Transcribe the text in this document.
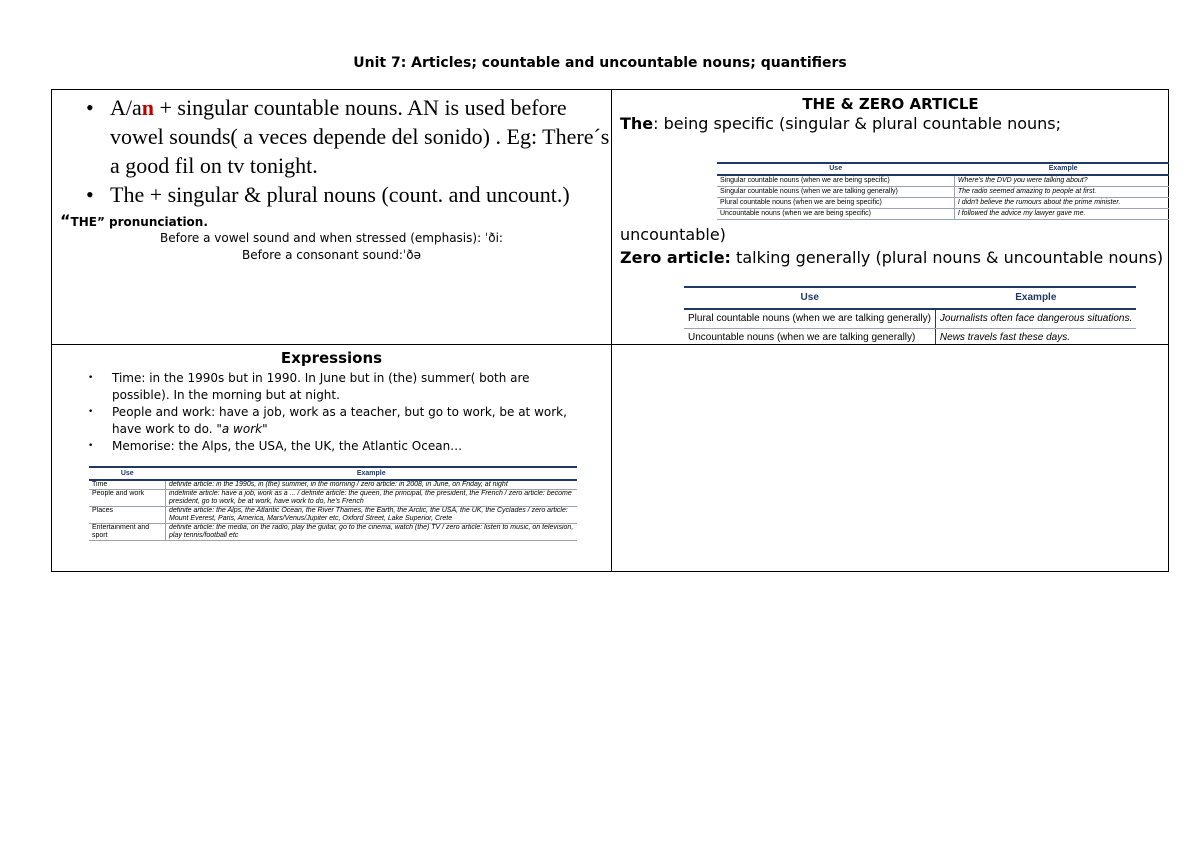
Unit 7: Articles; countable and uncountable nouns; quantifiers
• A/an + singular countable nouns. AN is used before vowel sounds( a veces depende del sonido) . Eg: There´s a good fil on tv tonight.
• The + singular & plural nouns (count. and uncount.)
“THE” pronunciation.
Before a vowel sound and when stressed (emphasis): ˈði:
Before a consonant sound:ˈðə
THE & ZERO ARTICLE
The: being specific (singular & plural countable nouns;
Use	Example
Singular countable nouns (when we are being specific)	Where's the DVD you were talking about?
Singular countable nouns (when we are talking generally)	The radio seemed amazing to people at first.
Plural countable nouns (when we are being specific)	I didn't believe the rumours about the prime minister.
Uncountable nouns (when we are being specific)	I followed the advice my lawyer gave me.
uncountable)
Zero article: talking generally (plural nouns & uncountable nouns)
Use	Example
Plural countable nouns (when we are talking generally)	Journalists often face dangerous situations.
Uncountable nouns (when we are talking generally)	News travels fast these days.
Expressions
• Time: in the 1990s but in 1990. In June but in (the) summer( both are possible). In the morning but at night.
• People and work: have a job, work as a teacher, but go to work, be at work, have work to do. "a work"
• Memorise: the Alps, the USA, the UK, the Atlantic Ocean…
Use	Example
Time	definite article: in the 1990s, in (the) summer, in the morning / zero article: in 2008, in June, on Friday, at night
People and work	indefinite article: have a job, work as a ... / definite article: the queen, the principal, the president, the French / zero article: become president, go to work, be at work, have work to do, he's French
Places	definite article: the Alps, the Atlantic Ocean, the River Thames, the Earth, the Arctic, the USA, the UK, the Cyclades / zero article: Mount Everest, Paris, America, Mars/Venus/Jupiter etc, Oxford Street, Lake Superior, Crete
Entertainment and sport	definite article: the media, on the radio, play the guitar, go to the cinema, watch (the) TV / zero article: listen to music, on television, play tennis/football etc
